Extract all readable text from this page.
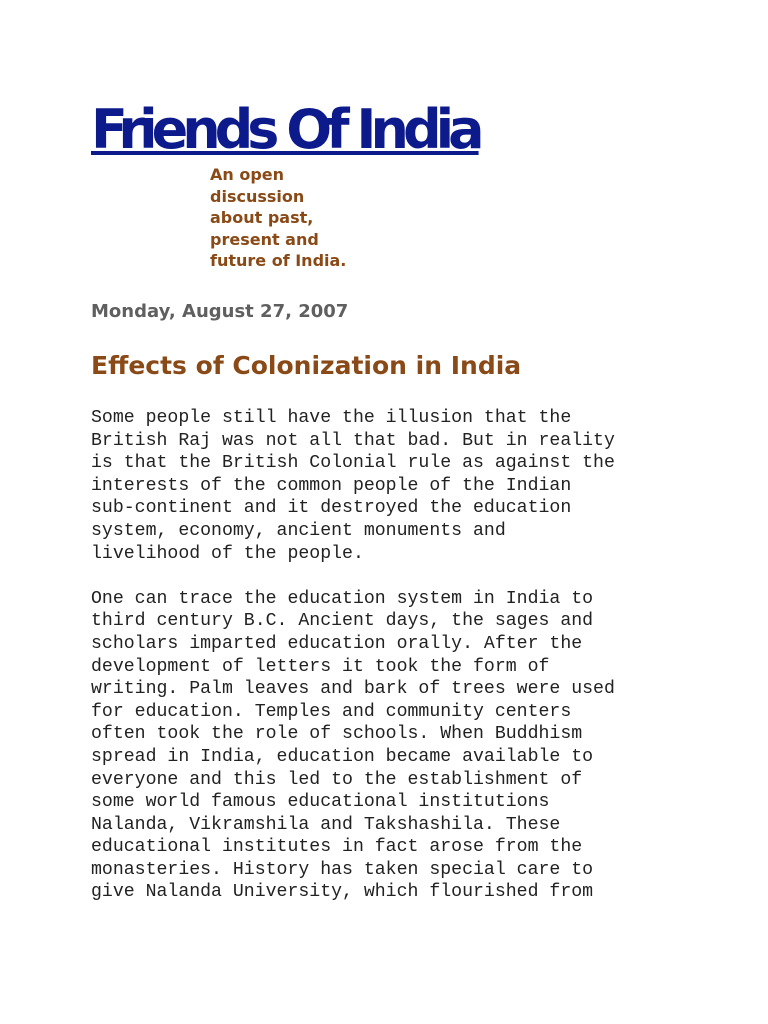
Friends Of India

An open discussion about past, present and future of India.

Monday, August 27, 2007
Effects of Colonization in India

Some people still have the illusion that the
British Raj was not all that bad. But in reality
is that the British Colonial rule as against the
interests of the common people of the Indian
sub-continent and it destroyed the education
system, economy, ancient monuments and
livelihood of the people.

One can trace the education system in India to
third century B.C. Ancient days, the sages and
scholars imparted education orally. After the
development of letters it took the form of
writing. Palm leaves and bark of trees were used
for education. Temples and community centers
often took the role of schools. When Buddhism
spread in India, education became available to
everyone and this led to the establishment of
some world famous educational institutions
Nalanda, Vikramshila and Takshashila. These
educational institutes in fact arose from the
monasteries. History has taken special care to
give Nalanda University, which flourished from
